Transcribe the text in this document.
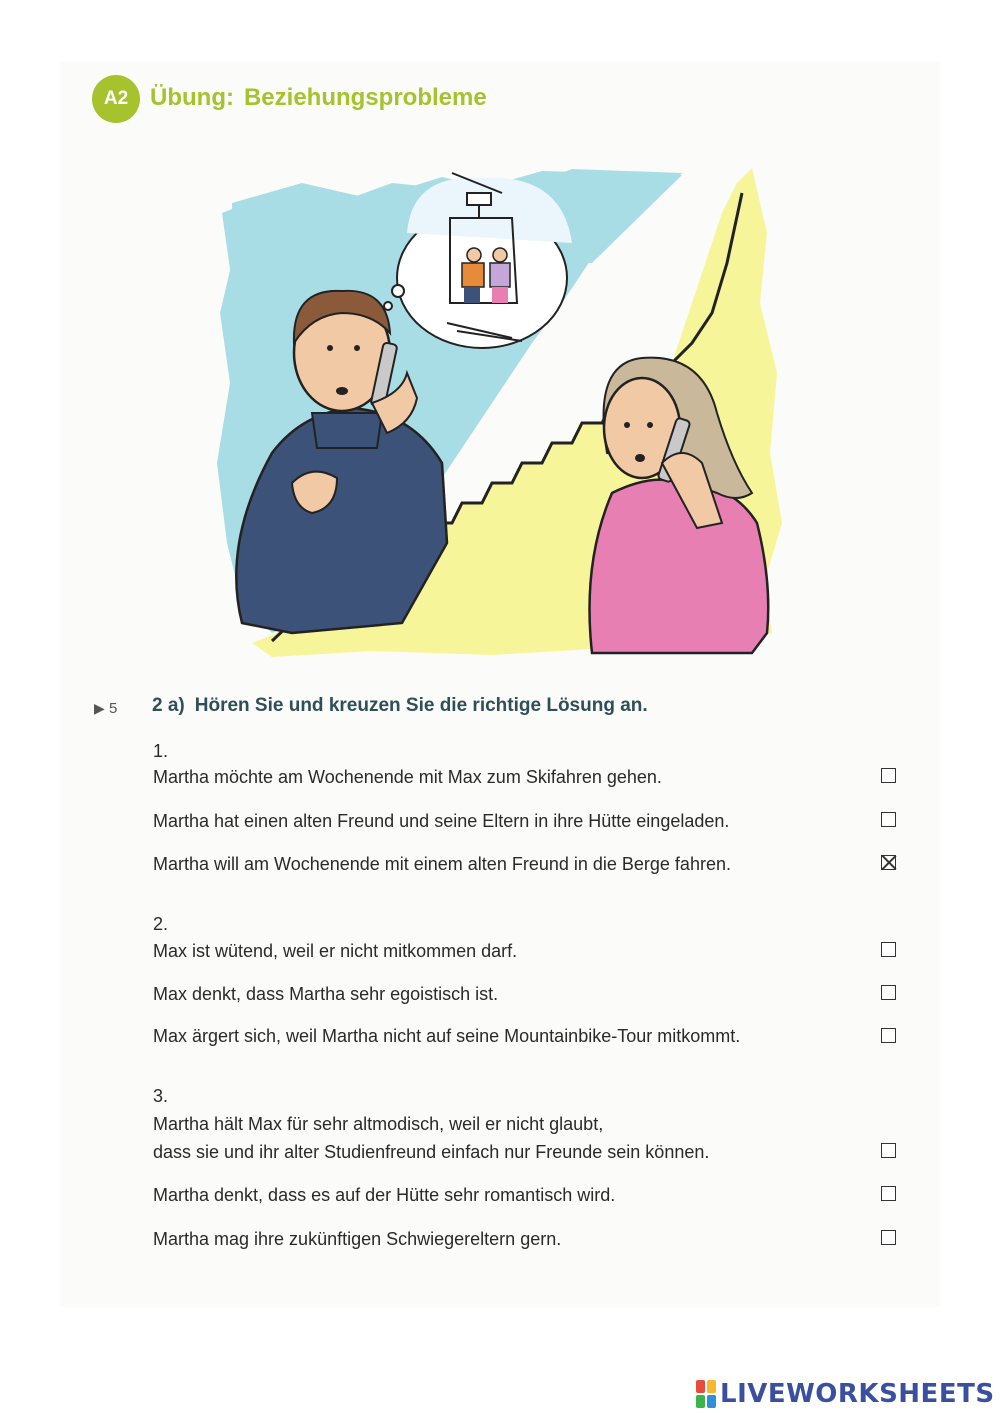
A2 Übung: Beziehungsprobleme
▶ 5 2 a) Hören Sie und kreuzen Sie die richtige Lösung an.
1.
Martha möchte am Wochenende mit Max zum Skifahren gehen.
Martha hat einen alten Freund und seine Eltern in ihre Hütte eingeladen.
Martha will am Wochenende mit einem alten Freund in die Berge fahren.
2.
Max ist wütend, weil er nicht mitkommen darf.
Max denkt, dass Martha sehr egoistisch ist.
Max ärgert sich, weil Martha nicht auf seine Mountainbike-Tour mitkommt.
3.
Martha hält Max für sehr altmodisch, weil er nicht glaubt,
dass sie und ihr alter Studienfreund einfach nur Freunde sein können.
Martha denkt, dass es auf der Hütte sehr romantisch wird.
Martha mag ihre zukünftigen Schwiegereltern gern.
LIVEWORKSHEETS
